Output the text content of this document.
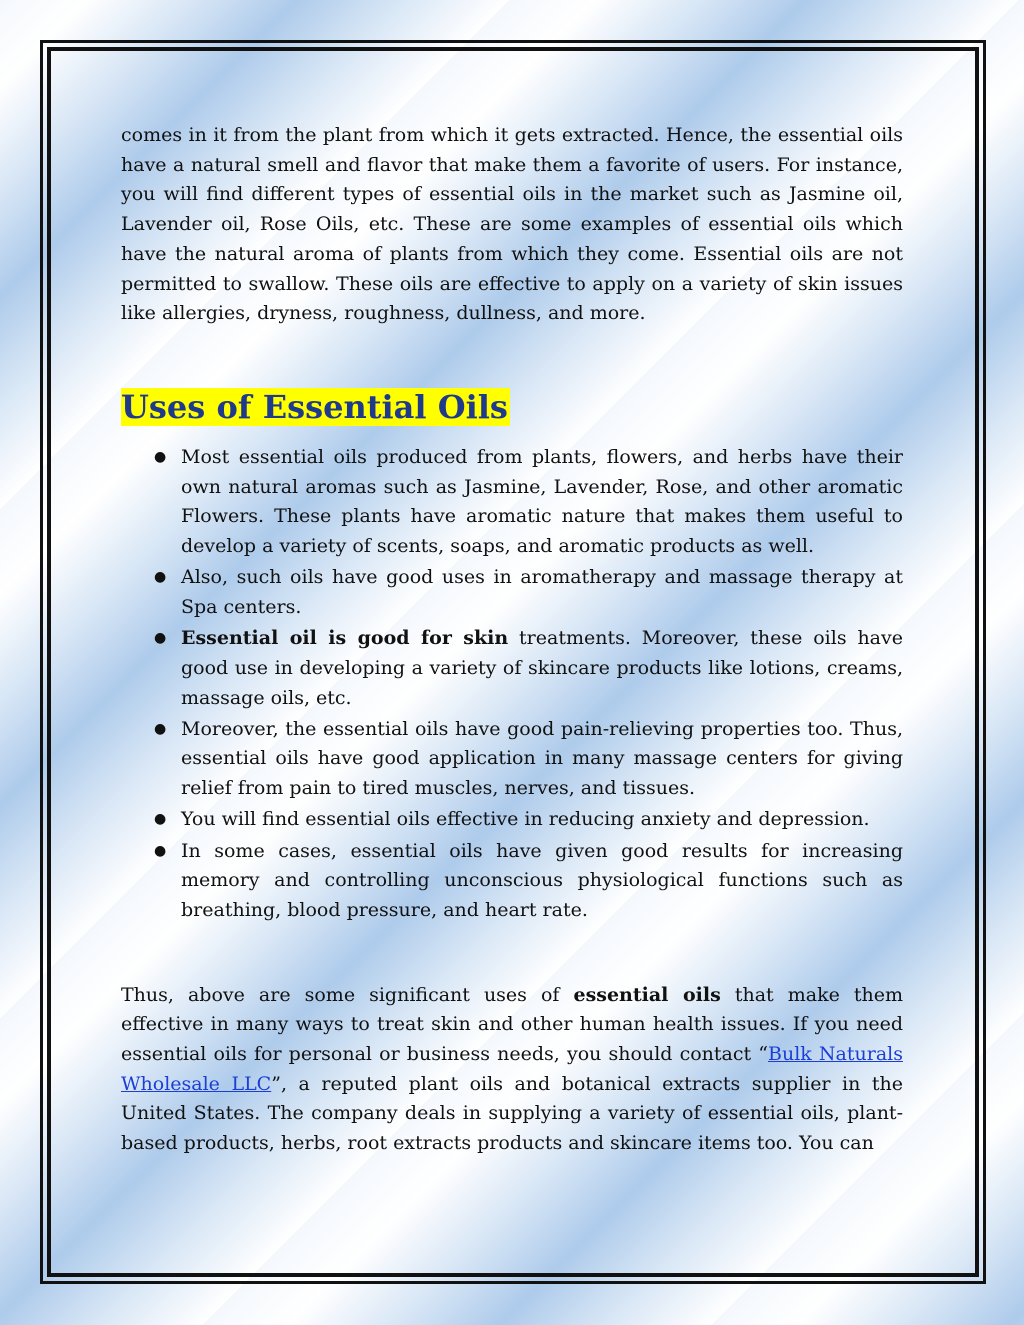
comes in it from the plant from which it gets extracted. Hence, the essential oils have a natural smell and flavor that make them a favorite of users. For instance, you will find different types of essential oils in the market such as Jasmine oil, Lavender oil, Rose Oils, etc. These are some examples of essential oils which have the natural aroma of plants from which they come. Essential oils are not permitted to swallow. These oils are effective to apply on a variety of skin issues like allergies, dryness, roughness, dullness, and more.

Uses of Essential Oils
● Most essential oils produced from plants, flowers, and herbs have their own natural aromas such as Jasmine, Lavender, Rose, and other aromatic Flowers. These plants have aromatic nature that makes them useful to develop a variety of scents, soaps, and aromatic products as well.
● Also, such oils have good uses in aromatherapy and massage therapy at Spa centers.
● Essential oil is good for skin treatments. Moreover, these oils have good use in developing a variety of skincare products like lotions, creams, massage oils, etc.
● Moreover, the essential oils have good pain-relieving properties too. Thus, essential oils have good application in many massage centers for giving relief from pain to tired muscles, nerves, and tissues.
● You will find essential oils effective in reducing anxiety and depression.
● In some cases, essential oils have given good results for increasing memory and controlling unconscious physiological functions such as breathing, blood pressure, and heart rate.

Thus, above are some significant uses of essential oils that make them effective in many ways to treat skin and other human health issues. If you need essential oils for personal or business needs, you should contact “Bulk Naturals Wholesale LLC”, a reputed plant oils and botanical extracts supplier in the United States. The company deals in supplying a variety of essential oils, plant-based products, herbs, root extracts products and skincare items too. You can
